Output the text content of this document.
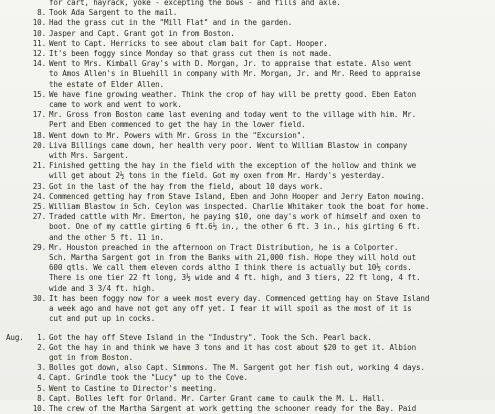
for cart, hayrack, yoke - excepting the bows - and fills and axle.
8. Took Ada Sargent to the mail.
10. Had the grass cut in the "Mill Flat" and in the garden.
10. Jasper and Capt. Grant got in from Boston.
11. Went to Capt. Herricks to see about clam bait for Capt. Hooper.
12. It's been foggy since Monday so that grass cut then is not made.
14. Went to Mrs. Kimball Gray's with D. Morgan, Jr. to appraise that estate. Also went
to Amos Allen's in Bluehill in company with Mr. Morgan, Jr. and Mr. Reed to appraise
the estate of Elder Allen.
15. We have fine growing weather. Think the crop of hay will be pretty good. Eben Eaton
came to work and went to work.
17. Mr. Gross from Boston came last evening and today went to the village with him. Mr.
Pert and Eben commenced to get the hay in the lower field.
18. Went down to Mr. Powers with Mr. Gross in the "Excursion".
20. Liva Billings came down, her health very poor. Went to William Blastow in company
with Mrs. Sargent.
21. Finished getting the hay in the field with the exception of the hollow and think we
will get about 2½ tons in the field. Got my oxen from Mr. Hardy's yesterday.
23. Got in the last of the hay from the field, about 10 days work.
24. Commenced getting hay from Stave Island, Eben and John Hooper and Jerry Eaton mowing.
25. William Blastow in Sch. Ceylon was inspected. Charlie Whitaker took the boat for home.
27. Traded cattle with Mr. Emerton, he paying $10, one day's work of himself and oxen to
boot. One of my cattle girting 6 ft.6½ in., the other 6 ft. 3 in., his girting 6 ft.
and the other 5 ft. 11 in.
29. Mr. Houston preached in the afternoon on Tract Distribution, he is a Colporter.
Sch. Martha Sargent got in from the Banks with 21,000 fish. Hope they will hold out
600 qtls. We call them eleven cords altho I think there is actually but 10½ cords.
There is one tier 22 ft long, 3½ wide and 4 ft. high, and 3 tiers, 22 ft long, 4 ft.
wide and 3 3/4 ft. high.
30. It has been foggy now for a week most every day. Commenced getting hay on Stave Island
a week ago and have not got any off yet. I fear it will spoil as the most of it is
cut and put up in cocks.
Aug.	1. Got the hay off Steve Island in the "Industry". Took the Sch. Pearl back.
2. Got the hay in and think we have 3 tons and it has cost about $20 to get it. Albion
got in from Boston.
3. Bolles got down, also Capt. Simmons. The M. Sargent got her fish out, working 4 days.
4. Capt. Grindle took the "Lucy" up to the Cove.
5. Went to Castine to Director's meeting.
8. Capt. Bolles left for Orland. Mr. Carter Grant came to caulk the M. L. Hall.
10. The crew of the Martha Sargent at work getting the schooner ready for the Bay. Paid
